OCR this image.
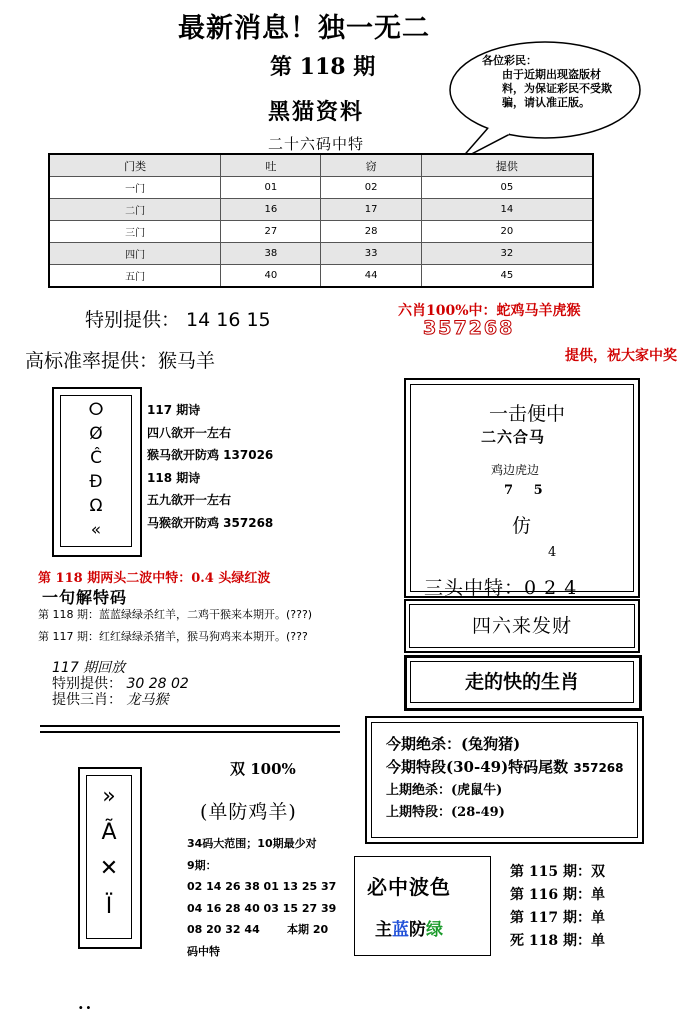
最新消息！独一无二
第 118 期
黑猫资料
二十六码中特
各位彩民：
由于近期出现盗版材料，为保证彩民不受欺骗，请认准正版。
门类	吐	窃	提供
一门	01	02	05
二门	16	17	14
三门	27	28	20
四门	38	33	32
五门	40	44	45
特别提供： 14 16 15	六肖100%中：蛇鸡马羊虎猴
357268
提供，祝大家中奖
高标准率提供：猴马羊
ⵔ
Ø
Ĉ
Đ
Ω
«
117 期诗
四八欲开一左右
猴马欲开防鸡 137026
118 期诗
五九欲开一左右
马猴欲开防鸡 357268
一击便中
二六合马
鸡边虎边
7 5
仿
4
三头中特：0 2 4
四六来发财
走的快的生肖
第 118 期两头二波中特：0.4 头绿红波
一句解特码
第 118 期：蓝蓝绿绿杀红羊，二鸡干猴来本期开。(???)
第 117 期：红红绿绿杀猪羊，猴马狗鸡来本期开。(???
117 期回放
特别提供： 30 28 02
提供三肖： 龙马猴
今期绝杀：(兔狗猪)
今期特段(30-49)特码尾数 357268
上期绝杀：(虎鼠牛)
上期特段：(28-49)
»
Ã
✕
Ï
双 100%
(单防鸡羊)
34码大范围；10期最少对
9期：
02 14 26 38 01 13 25 37
04 16 28 40 03 15 27 39
08 20 32 44
码中特
本期 20
必中波色
主蓝防绿
第 115 期：双
第 116 期：单
第 117 期：单
死 118 期：单
..
